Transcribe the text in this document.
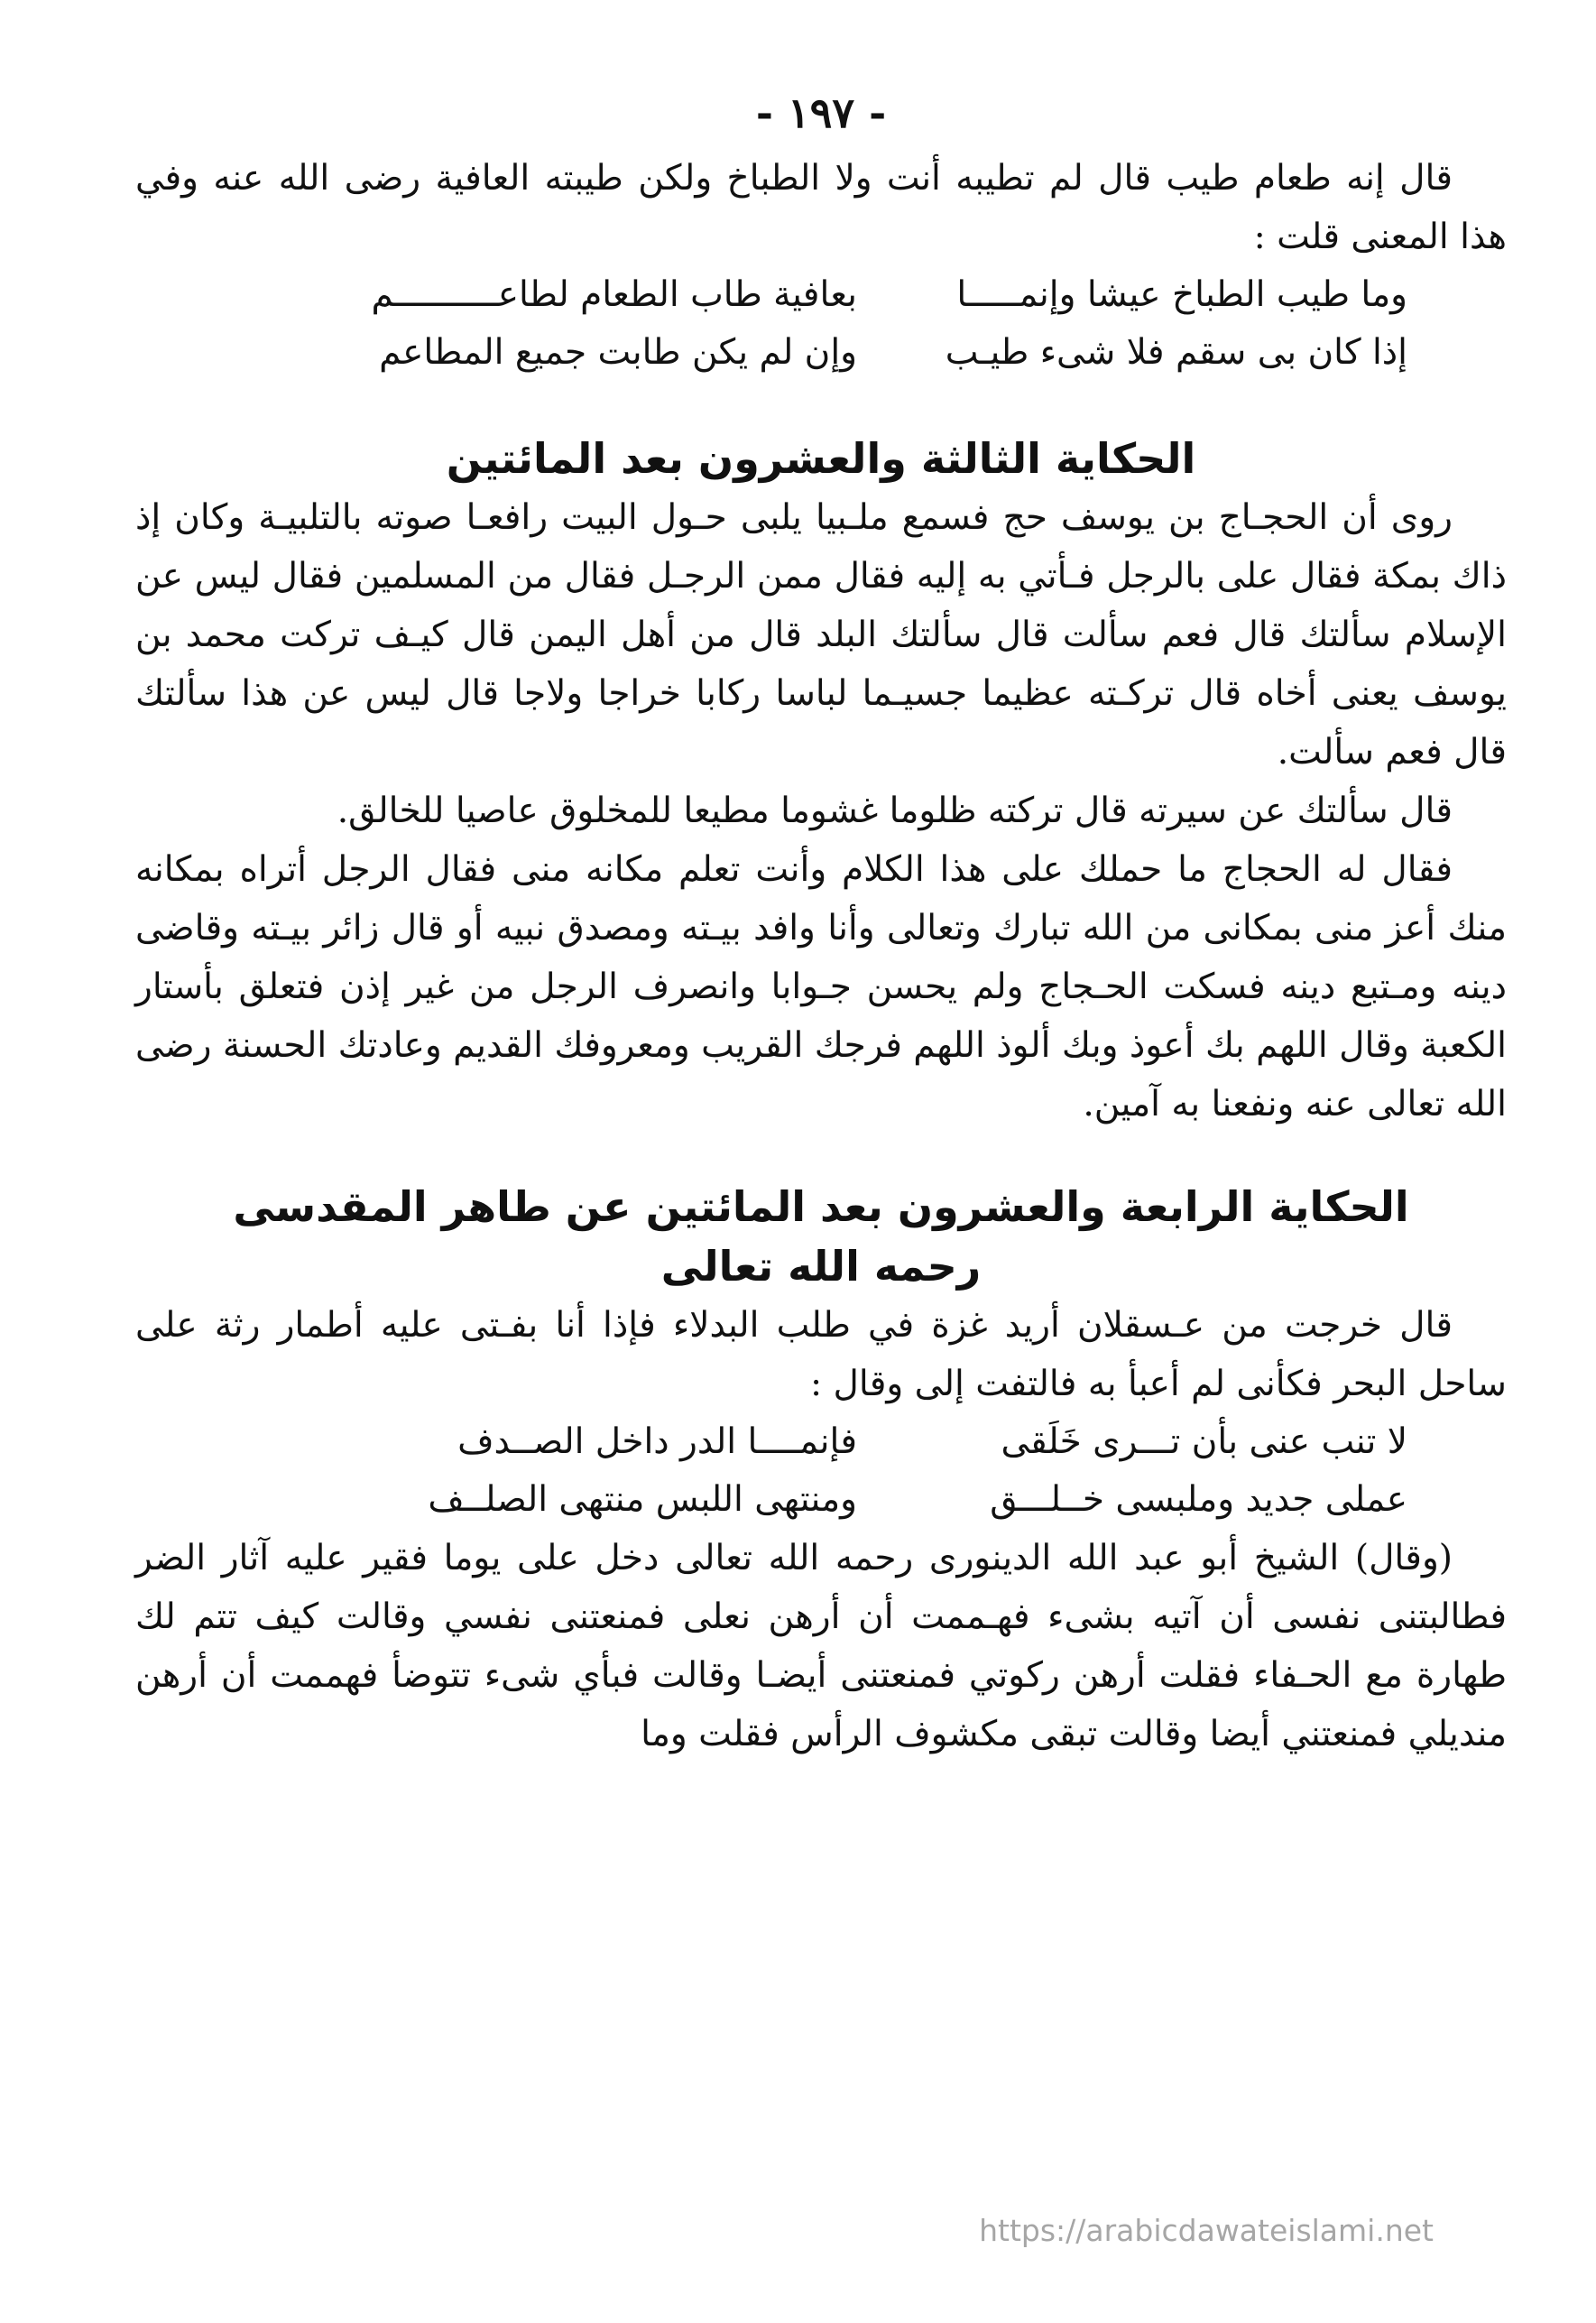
- ١٩٧ -

قال إنه طعام طيب قال لم تطيبه أنت ولا الطباخ ولكن طيبته العافية رضى الله عنه وفي هذا المعنى قلت :

وما طيب الطباخ عيشا وإنمـــــا
بعافية طاب الطعام لطاعــــــــــم
إذا كان بى سقم فلا شىء طيـب
وإن لم يكن طابت جميع المطاعم
الحكاية الثالثة والعشرون بعد المائتين

روى أن الحجـاج بن يوسف حج فسمع ملـبيا يلبى حـول البيت رافعـا صوته بالتلبيـة وكان إذ ذاك بمكة فقال على بالرجل فـأتي به إليه فقال ممن الرجـل فقال من المسلمين فقال ليس عن الإسلام سألتك قال فعم سألت قال سألتك البلد قال من أهل اليمن قال كيـف تركت محمد بن يوسف يعنى أخاه قال تركـته عظيما جسيـما لباسا ركابا خراجا ولاجا قال ليس عن هذا سألتك قال فعم سألت.

قال سألتك عن سيرته قال تركته ظلوما غشوما مطيعا للمخلوق عاصيا للخالق.

فقال له الحجاج ما حملك على هذا الكلام وأنت تعلم مكانه منى فقال الرجل أتراه بمكانه منك أعز منى بمكانى من الله تبارك وتعالى وأنا وافد بيـته ومصدق نبيه أو قال زائر بيـته وقاضى دينه ومـتبع دينه فسكت الحـجاج ولم يحسن جـوابا وانصرف الرجل من غير إذن فتعلق بأستار الكعبة وقال اللهم بك أعوذ وبك ألوذ اللهم فرجك القريب ومعروفك القديم وعادتك الحسنة رضى الله تعالى عنه ونفعنا به آمين.

الحكاية الرابعة والعشرون بعد المائتين عن طاهر المقدسى
رحمه الله تعالى

قال خرجت من عـسقلان أريد غزة في طلب البدلاء فإذا أنا بفـتى عليه أطمار رثة على ساحل البحر فكأنى لم أعبأ به فالتفت إلى وقال :

لا تنب عنى بأن تـــرى خَلَقى
فإنمــــا الدر داخل الصــدف
عملى جديد وملبسى خــلـــق
ومنتهى اللبس منتهى الصلــف

(وقال) الشيخ أبو عبد الله الدينورى رحمه الله تعالى دخل على يوما فقير عليه آثار الضر فطالبتنى نفسى أن آتيه بشىء فهـممت أن أرهن نعلى فمنعتنى نفسي وقالت كيف تتم لك طهارة مع الحـفاء فقلت أرهن ركوتي فمنعتنى أيضـا وقالت فبأي شىء تتوضأ فهممت أن أرهن منديلي فمنعتني أيضا وقالت تبقى مكشوف الرأس فقلت وما

https://arabicdawateislami.net
